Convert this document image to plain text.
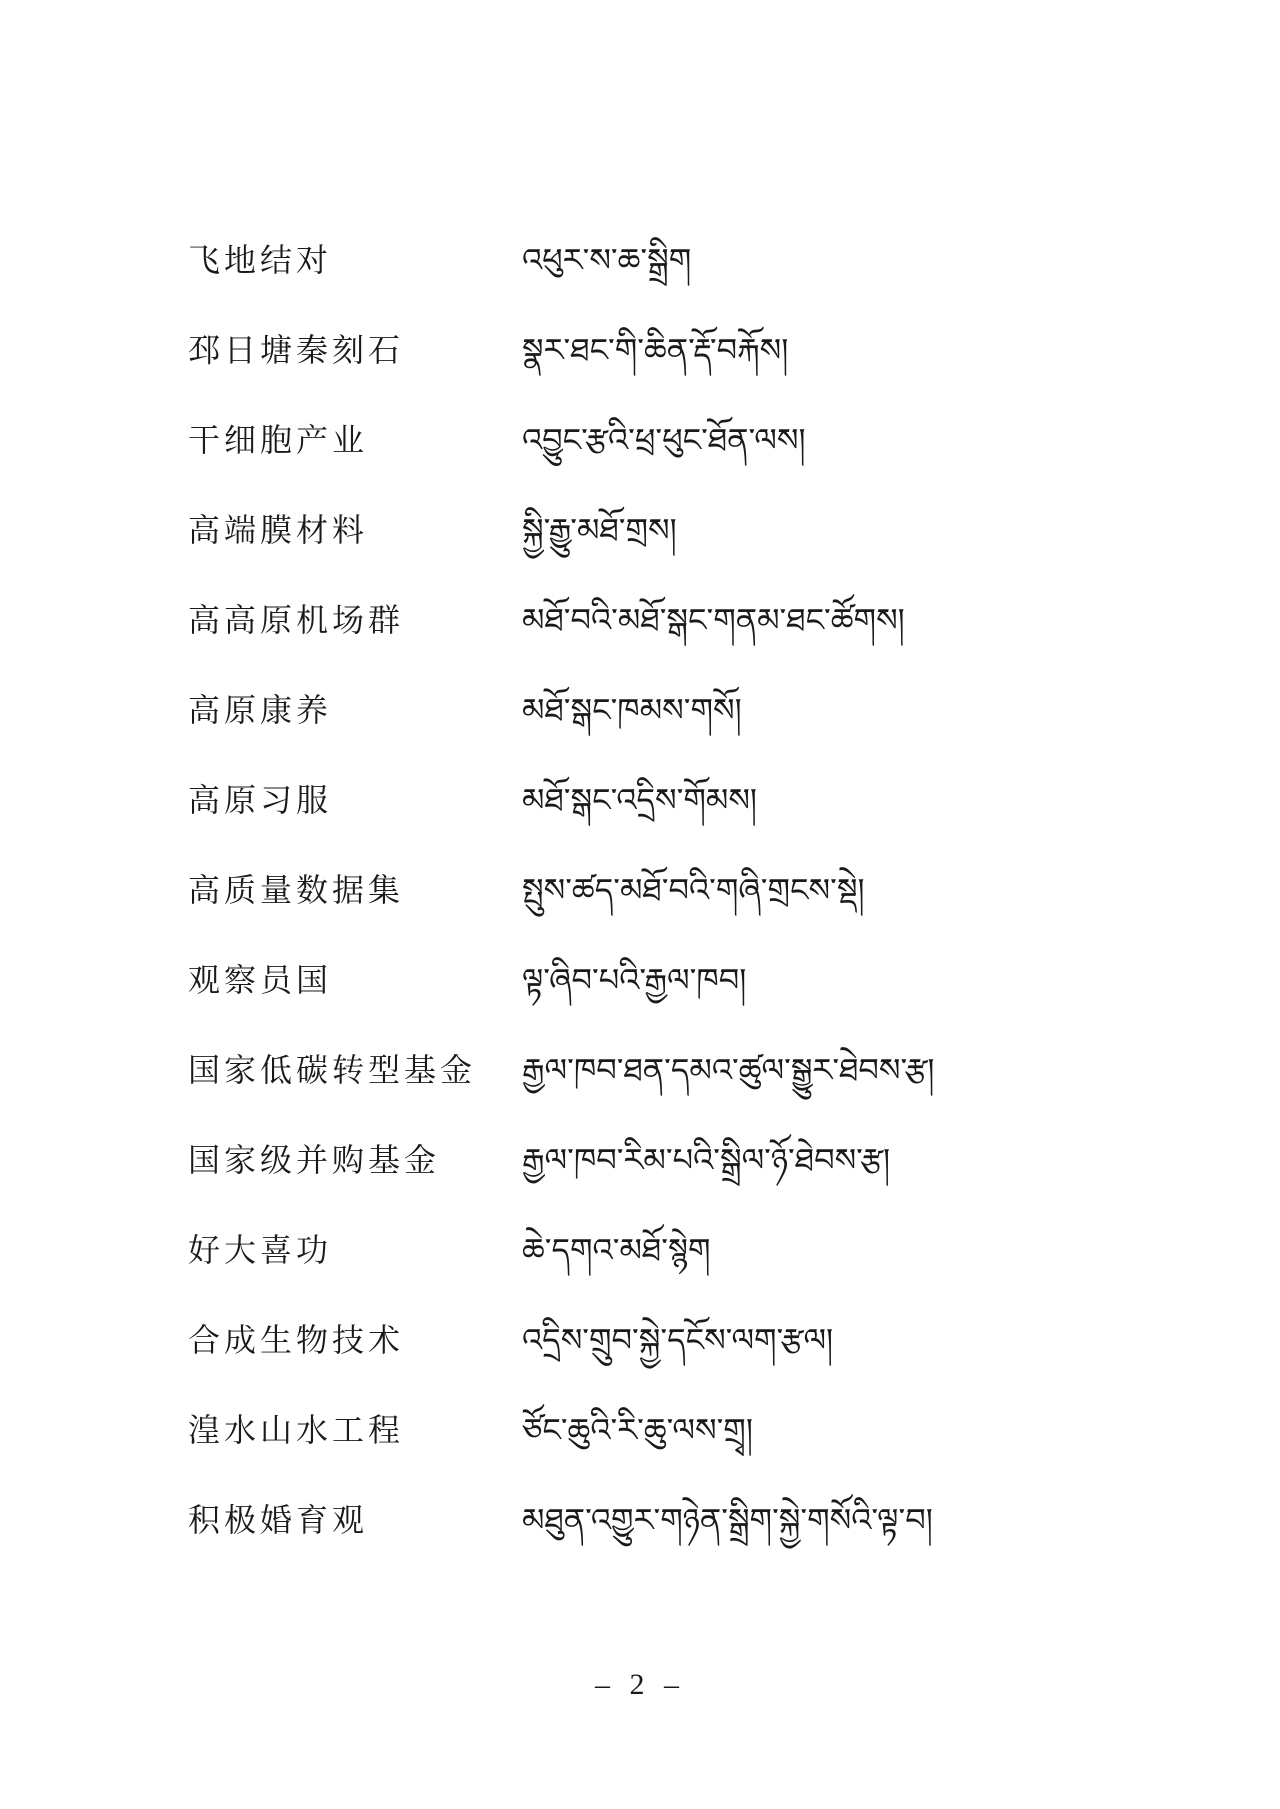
飞地结对	འཕུར་ས་ཆ་སྒྲིག
邳日塘秦刻石	སྣར་ཐང་གི་ཆིན་རྡོ་བརྐོས།
干细胞产业	འབྱུང་རྩའི་ཕྲ་ཕུང་ཐོན་ལས།
高端膜材料	སྐྱི་རྒྱུ་མཐོ་གྲས།
高高原机场群	མཐོ་བའི་མཐོ་སྒང་གནམ་ཐང་ཚོགས།
高原康养	མཐོ་སྒང་ཁམས་གསོ།
高原习服	མཐོ་སྒང་འདྲིས་གོམས།
高质量数据集	སྤུས་ཚད་མཐོ་བའི་གཞི་གྲངས་སྡེ།
观察员国	ལྟ་ཞིབ་པའི་རྒྱལ་ཁབ།
国家低碳转型基金 རྒྱལ་ཁབ་ཐན་དམའ་ཚུལ་སྒྱུར་ཐེབས་རྩ།
国家级并购基金	རྒྱལ་ཁབ་རིམ་པའི་སྒྲིལ་ཉོ་ཐེབས་རྩ།
好大喜功	ཆེ་དགའ་མཐོ་སྙེག
合成生物技术	འདྲིས་གྲུབ་སྐྱེ་དངོས་ལག་རྩལ།
湟水山水工程	ཙོང་ཆུའི་རི་ཆུ་ལས་གྲྭ།
积极婚育观	མཐུན་འགྱུར་གཉེན་སྒྲིག་སྐྱེ་གསོའི་ལྟ་བ།
– 2 –
